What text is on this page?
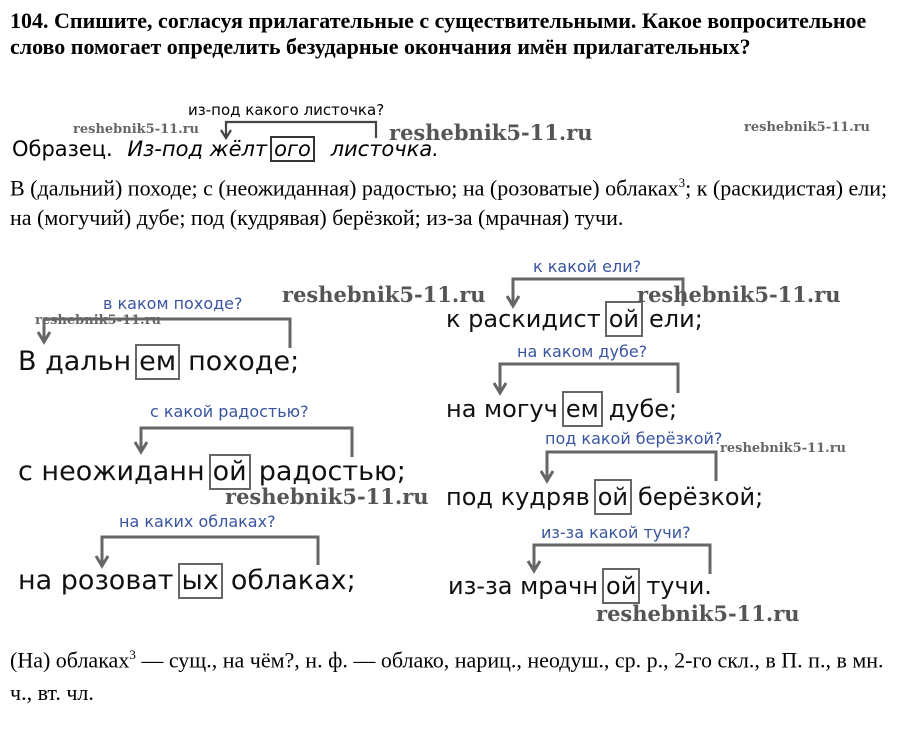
104. Спишите, согласуя прилагательные с существительными. Какое вопросительное слово помогает определить безударные окончания имён прилагательных?
из-под какого листочка?
Образец. Из-под жёлт ого листочка.
В (дальний) походе; с (неожиданная) радостью; на (розоватые) облаках$^3$; к (раскидистая) ели; на (могучий) дубе; под (кудрявая) берёзкой; из-за (мрачная) тучи.
в каком походе?
В дальн ем походе;
с какой радостью?
с неожиданн ой радостью;
на каких облаках?
на розоват ых облаках;
к какой ели?
к раскидист ой ели;
на каком дубе?
на могуч ем дубе;
под какой берёзкой?
под кудряв ой берёзкой;
из-за какой тучи?
из-за мрачн ой тучи.
(На) облаках$^3$ — сущ., на чём?, н. ф. — облако, нариц., неодуш., ср. р., 2-го скл., в П. п., в мн. ч., вт. чл.
reshebnik5-11.ru	reshebnik5-11.ru	reshebnik5-11.ru
reshebnik5-11.ru	reshebnik5-11.ru
reshebnik5-11.ru
reshebnik5-11.ru
reshebnik5-11.ru
reshebnik5-11.ru
